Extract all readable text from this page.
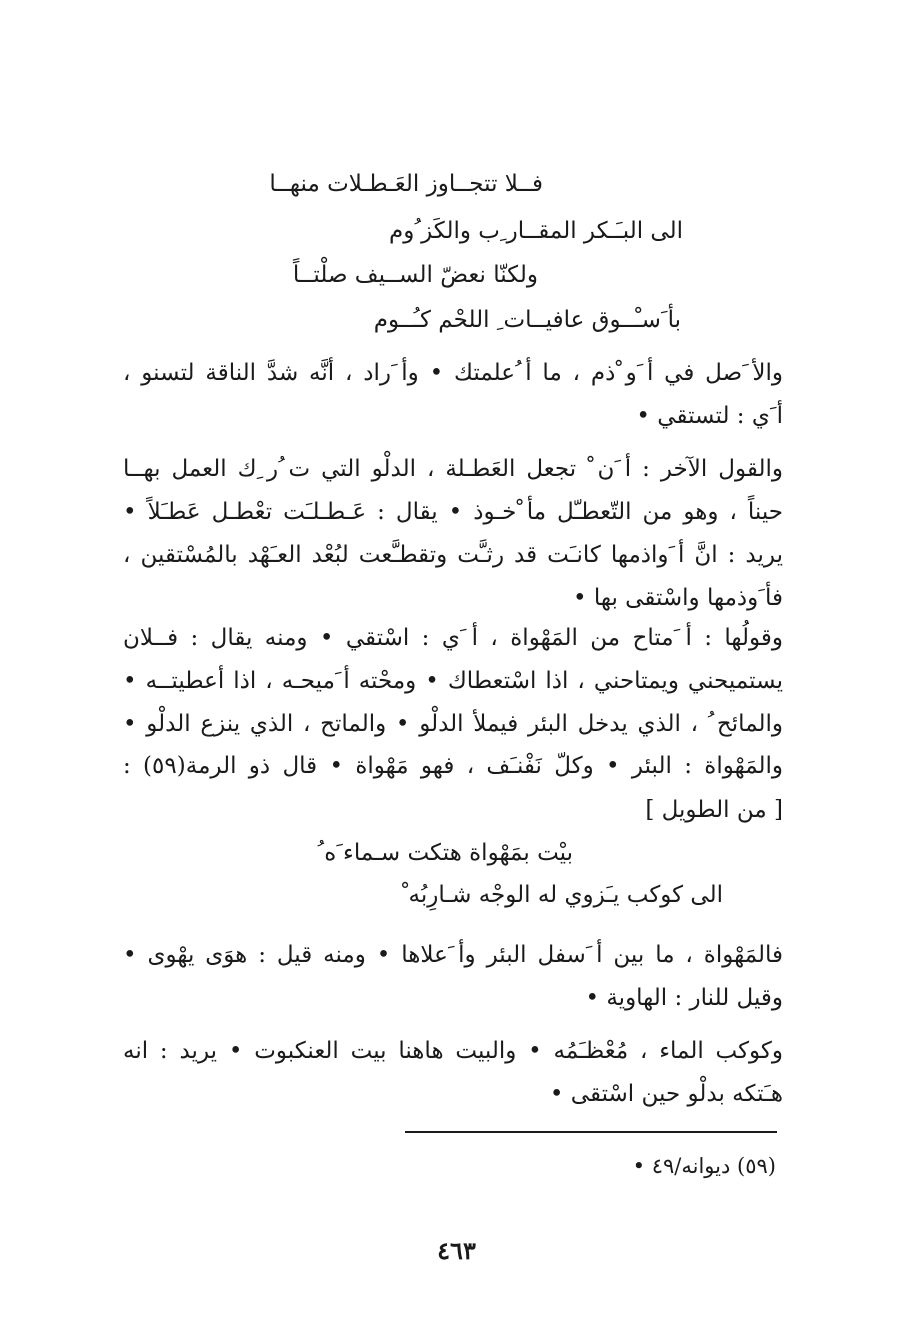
فــلا تتجــاوز العَـطـلات منهــا
الى البـَـكر المقــار ِب والكَز ُوم
ولكنّا نعضّ الســيف صلْتــاً
بأ َسـْــوق عافيــات ِ اللحْم كـُــوم
والأ َصل في أ َو ْذم ، ما أ ُعلمتك • وأ َراد ، أنَّه شدَّ الناقة لتسنو ،
أ َي : لتستقي •
والقول الآخر : أ َن ْ تجعل العَطـلة ، الدلْو التي ت ُر ِك العمل بهــا
حيناً ، وهو من التّعطـّل مأ ْخـوذ • يقال : عَـطـلـَت تعْطـل عَطـَلاً •
يريد : انَّ أ َواذمها كانـَت قد رثـَّت وتقطـَّعت لبُعْد العـَهْد بالمُسْتقين ،
فأ َوذمها واسْتقى بها •
وقولُها : أ َمتاح من المَهْواة ، أ َي : اسْتقي • ومنه يقال : فــلان
يستميحني ويمتاحني ، اذا اسْتعطاك • ومحْته أ َميحـه ، اذا أعطيتــه •
والمائح ُ ، الذي يدخل البئر فيملأ الدلْو • والماتح ، الذي ينزع الدلْو •
والمَهْواة : البئر • وكلّ نَفْنـَف ، فهو مَهْواة • قال ذو الرمة(٥٩) :
[ من الطويل ]
بيْت بمَهْواة هتكت سـماء َه ُ
الى كوكب يـَزوي له الوجْه شـارِبُه ْ
فالمَهْواة ، ما بين أ َسفل البئر وأ َعلاها • ومنه قيل : هوَى يهْوى •
وقيل للنار : الهاوية •
وكوكب الماء ، مُعْظـَمُه • والبيت هاهنا بيت العنكبوت • يريد : انه
هـَتكه بدلْو حين اسْتقى •
(٥٩) ديوانه/٤٩ •
٤٦٣
